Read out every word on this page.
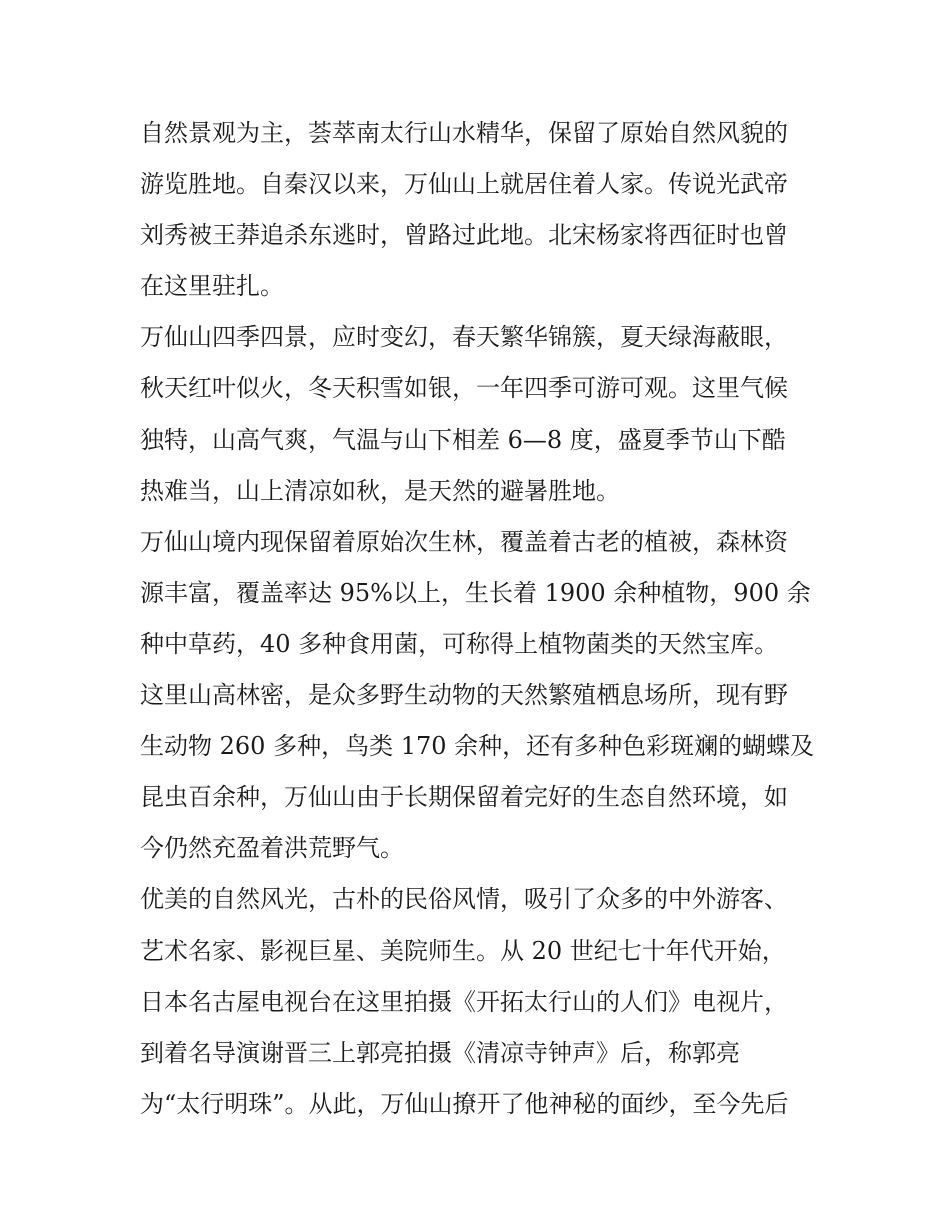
自然景观为主，荟萃南太行山水精华，保留了原始自然风貌的
游览胜地。自秦汉以来，万仙山上就居住着人家。传说光武帝
刘秀被王莽追杀东逃时，曾路过此地。北宋杨家将西征时也曾
在这里驻扎。
万仙山四季四景，应时变幻，春天繁华锦簇，夏天绿海蔽眼，
秋天红叶似火，冬天积雪如银，一年四季可游可观。这里气候
独特，山高气爽，气温与山下相差 6—8 度，盛夏季节山下酷
热难当，山上清凉如秋，是天然的避暑胜地。
万仙山境内现保留着原始次生林，覆盖着古老的植被，森林资
源丰富，覆盖率达 95%以上，生长着 1900 余种植物，900 余
种中草药，40 多种食用菌，可称得上植物菌类的天然宝库。
这里山高林密，是众多野生动物的天然繁殖栖息场所，现有野
生动物 260 多种，鸟类 170 余种，还有多种色彩斑斓的蝴蝶及
昆虫百余种，万仙山由于长期保留着完好的生态自然环境，如
今仍然充盈着洪荒野气。
优美的自然风光，古朴的民俗风情，吸引了众多的中外游客、
艺术名家、影视巨星、美院师生。从 20 世纪七十年代开始，
日本名古屋电视台在这里拍摄《开拓太行山的人们》电视片，
到着名导演谢晋三上郭亮拍摄《清凉寺钟声》后，称郭亮
为“太行明珠”。从此，万仙山撩开了他神秘的面纱，至今先后
